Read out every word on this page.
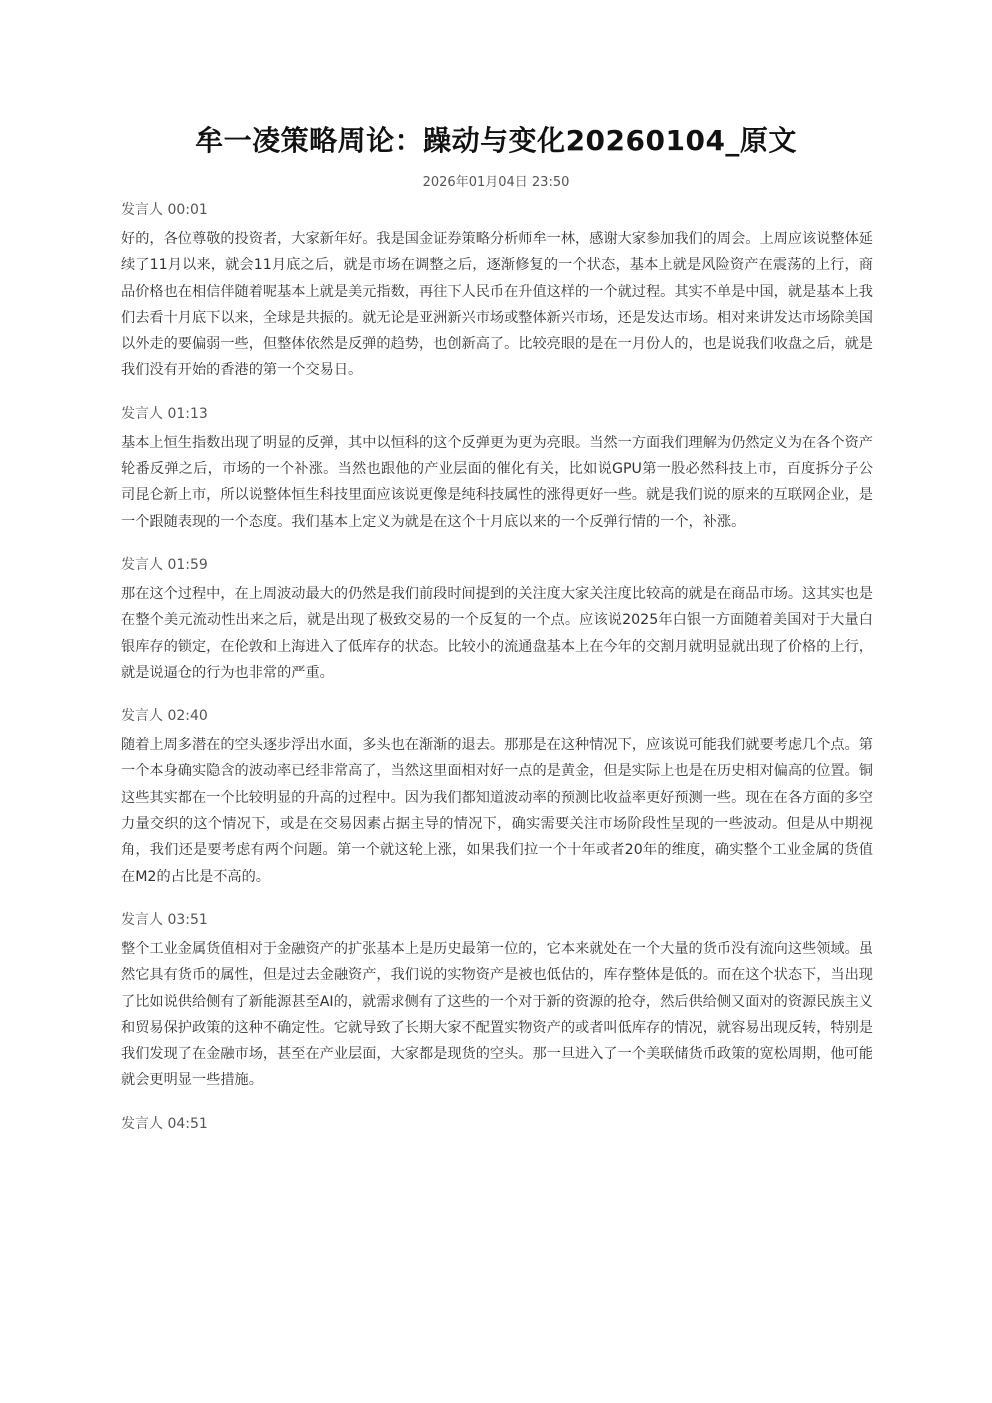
牟一凌策略周论：躁动与变化20260104_原文
2026年01月04日 23:50
发言人 00:01

好的，各位尊敬的投资者，大家新年好。我是国金证券策略分析师牟一林，感谢大家参加我们的周会。上周应该说整体延续了11月以来，就会11月底之后，就是市场在调整之后，逐渐修复的一个状态，基本上就是风险资产在震荡的上行，商品价格也在相信伴随着呢基本上就是美元指数，再往下人民币在升值这样的一个就过程。其实不单是中国，就是基本上我们去看十月底下以来，全球是共振的。就无论是亚洲新兴市场或整体新兴市场，还是发达市场。相对来讲发达市场除美国以外走的要偏弱一些，但整体依然是反弹的趋势，也创新高了。比较亮眼的是在一月份人的，也是说我们收盘之后，就是我们没有开始的香港的第一个交易日。

发言人 01:13

基本上恒生指数出现了明显的反弹，其中以恒科的这个反弹更为更为亮眼。当然一方面我们理解为仍然定义为在各个资产轮番反弹之后，市场的一个补涨。当然也跟他的产业层面的催化有关，比如说GPU第一股必然科技上市，百度拆分子公司昆仑新上市，所以说整体恒生科技里面应该说更像是纯科技属性的涨得更好一些。就是我们说的原来的互联网企业，是一个跟随表现的一个态度。我们基本上定义为就是在这个十月底以来的一个反弹行情的一个，补涨。

发言人 01:59

那在这个过程中，在上周波动最大的仍然是我们前段时间提到的关注度大家关注度比较高的就是在商品市场。这其实也是在整个美元流动性出来之后，就是出现了极致交易的一个反复的一个点。应该说2025年白银一方面随着美国对于大量白银库存的锁定，在伦敦和上海进入了低库存的状态。比较小的流通盘基本上在今年的交割月就明显就出现了价格的上行，就是说逼仓的行为也非常的严重。

发言人 02:40

随着上周多潜在的空头逐步浮出水面，多头也在渐渐的退去。那那是在这种情况下，应该说可能我们就要考虑几个点。第一个本身确实隐含的波动率已经非常高了，当然这里面相对好一点的是黄金，但是实际上也是在历史相对偏高的位置。铜这些其实都在一个比较明显的升高的过程中。因为我们都知道波动率的预测比收益率更好预测一些。现在在各方面的多空力量交织的这个情况下，或是在交易因素占据主导的情况下，确实需要关注市场阶段性呈现的一些波动。但是从中期视角，我们还是要考虑有两个问题。第一个就这轮上涨，如果我们拉一个十年或者20年的维度，确实整个工业金属的货值在M2的占比是不高的。

发言人 03:51

整个工业金属货值相对于金融资产的扩张基本上是历史最第一位的，它本来就处在一个大量的货币没有流向这些领域。虽然它具有货币的属性，但是过去金融资产，我们说的实物资产是被也低估的，库存整体是低的。而在这个状态下，当出现了比如说供给侧有了新能源甚至AI的，就需求侧有了这些的一个对于新的资源的抢夺，然后供给侧又面对的资源民族主义和贸易保护政策的这种不确定性。它就导致了长期大家不配置实物资产的或者叫低库存的情况，就容易出现反转，特别是我们发现了在金融市场，甚至在产业层面，大家都是现货的空头。那一旦进入了一个美联储货币政策的宽松周期，他可能就会更明显一些措施。

发言人 04:51
